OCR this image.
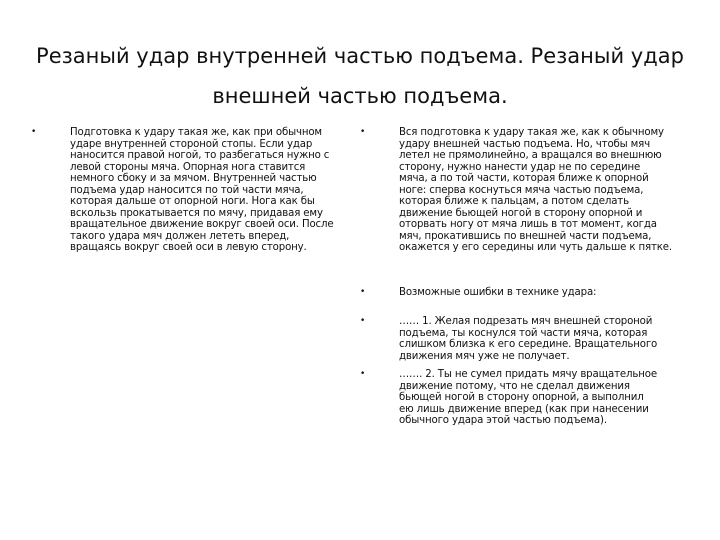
Резаный удар внутренней частью подъема. Резаный удар
внешней частью подъема.
•	Подготовка к удару такая же, как при обычном
ударе внутренней стороной стопы. Если удар
наносится правой ногой, то разбегаться нужно с
левой стороны мяча. Опорная нога ставится
немного сбоку и за мячом. Внутренней частью
подъема удар наносится по той части мяча,
которая дальше от опорной ноги. Нога как бы
вскользь прокатывается по мячу, придавая ему
вращательное движение вокруг своей оси. После
такого удара мяч должен лететь вперед,
вращаясь вокруг своей оси в левую сторону.
•	Вся подготовка к удару такая же, как к обычному
удару внешней частью подъема. Но, чтобы мяч
летел не прямолинейно, а вращался во внешнюю
сторону, нужно нанести удар не по середине
мяча, а по той части, которая ближе к опорной
ноге: сперва коснуться мяча частью подъема,
которая ближе к пальцам, а потом сделать
движение бьющей ногой в сторону опорной и
оторвать ногу от мяча лишь в тот момент, когда
мяч, прокатившись по внешней части подъема,
окажется у его середины или чуть дальше к пятке.
•	Возможные ошибки в технике удара:
•	…… 1. Желая подрезать мяч внешней стороной
подъема, ты коснулся той части мяча, которая
слишком близка к его середине. Вращательного
движения мяч уже не получает.
•	……. 2. Ты не сумел придать мячу вращательное
движение потому, что не сделал движения
бьющей ногой в сторону опорной, а выполнил
ею лишь движение вперед (как при нанесении
обычного удара этой частью подъема).
